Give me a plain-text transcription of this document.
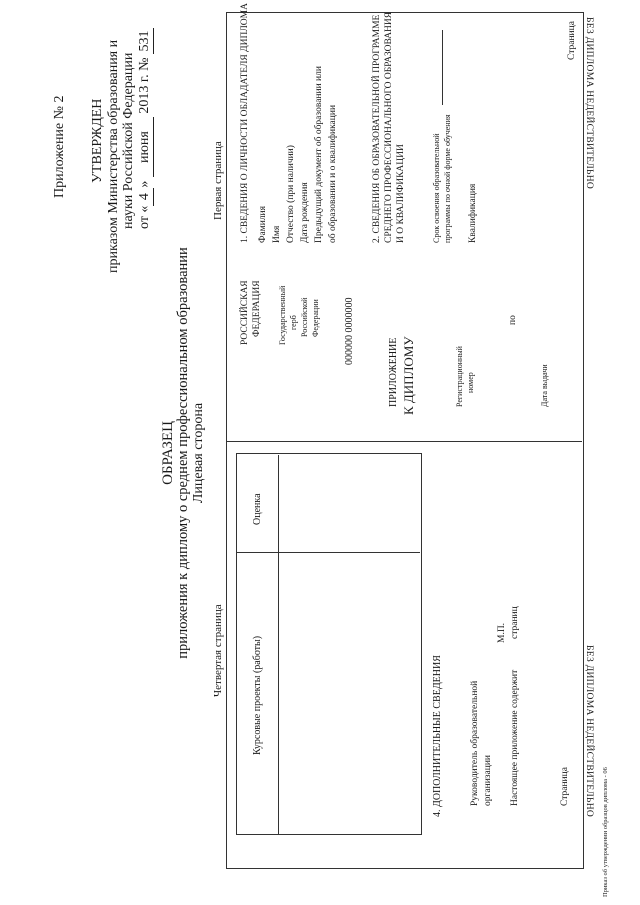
Приложение № 2 УТВЕРЖДЕН приказом Министерства образования и науки Российской Федерации от «4» июня 2013 г. № 531
ОБРАЗЕЦ приложения к диплому о среднем профессиональном образовании Лицевая сторона
Четвертая страница
Первая страница
Курсовые проекты (работы)
Оценка
4. ДОПОЛНИТЕЛЬНЫЕ СВЕДЕНИЯ	Руководитель образовательной организации
М.П.
Настоящее приложение содержит  страниц
Страница БЕЗ ДИПЛОМА НЕДЕЙСТВИТЕЛЬНО
РОССИЙСКАЯ ФЕДЕРАЦИЯ Государственный герб Российской Федерации 000000 0000000
ПРИЛОЖЕНИЕ К ДИПЛОМУ	Регистрационный номер	Дата выдачи
1. СВЕДЕНИЯ О ЛИЧНОСТИ ОБЛАДАТЕЛЯ ДИПЛОМА Фамилия Имя Отчество (при наличии) Дата рождения Предыдущий документ об образовании или об образовании и о квалификации	2. СВЕДЕНИЯ ОБ ОБРАЗОВАТЕЛЬНОЙ ПРОГРАММЕ СРЕДНЕГО ПРОФЕССИОНАЛЬНОГО ОБРАЗОВАНИЯ И О КВАЛИФИКАЦИИ	Срок освоения образовательной программы по очной форме обучения Квалификация
по
Страница БЕЗ ДИПЛОМА НЕДЕЙСТВИТЕЛЬНО
Приказ об утверждении образцов диплома - 06
